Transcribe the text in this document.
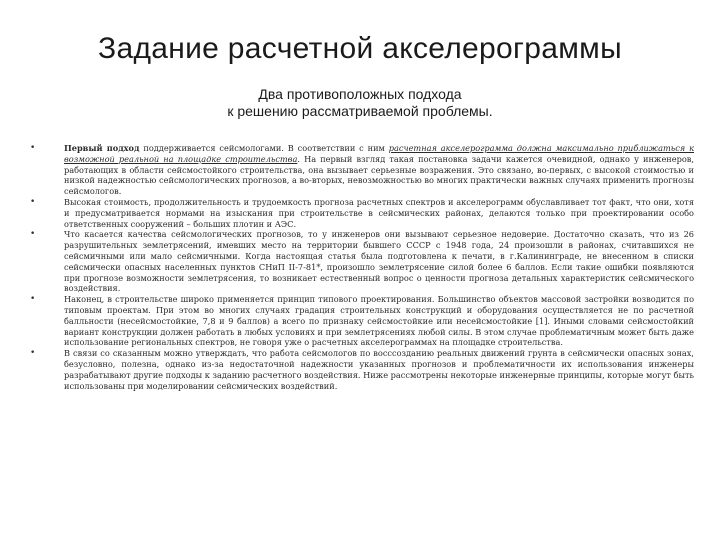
Задание расчетной акселерограммы
Два противоположных подхода
к решению рассматриваемой проблемы.
•	Первый подход поддерживается сейсмологами. В соответствии с ним расчетная акселерограмма должна максимально приближаться к возможной реальной на площадке строительства. На первый взгляд такая постановка задачи кажется очевидной, однако у инженеров, работающих в области сейсмостойкого строительства, она вызывает серьезные возражения. Это связано, во-первых, с высокой стоимостью и низкой надежностью сейсмологических прогнозов, а во-вторых, невозможностью во многих практически важных случаях применить прогнозы сейсмологов.
•	Высокая стоимость, продолжительность и трудоемкость прогноза расчетных спектров и акселерограмм обуславливает тот факт, что они, хотя и предусматривается нормами на изыскания при строительстве в сейсмических районах, делаются только при проектировании особо ответственных сооружений – больших плотин и АЭС.
•	Что касается качества сейсмологических прогнозов, то у инженеров они вызывают серьезное недоверие. Достаточно сказать, что из 26 разрушительных землетрясений, имевших место на территории бывшего СССР с 1948 года, 24 произошли в районах, считавшихся не сейсмичными или мало сейсмичными. Когда настоящая статья была подготовлена к печати, в г.Калининграде, не внесенном в списки сейсмически опасных населенных пунктов СНиП II-7-81*, произошло землетрясение силой более 6 баллов. Если такие ошибки появляются при прогнозе возможности землетрясения, то возникает естественный вопрос о ценности прогноза детальных характеристик сейсмического воздействия.
•	Наконец, в строительстве широко применяется принцип типового проектирования. Большинство объектов массовой застройки возводится по типовым проектам. При этом во многих случаях градация строительных конструкций и оборудования осуществляется не по расчетной балльности (несейсмостойкие, 7,8 и 9 баллов) а всего по признаку сейсмостойкие или несейсмостойкие [1]. Иными словами сейсмостойкий вариант конструкции должен работать в любых условиях и при землетрясениях любой силы. В этом случае проблематичным может быть даже использование региональных спектров, не говоря уже о расчетных акселерограммах на площадке строительства.
•	В связи со сказанным можно утверждать, что работа сейсмологов по восссозданию реальных движений грунта в сейсмически опасных зонах, безусловно, полезна, однако из-за недостаточной надежности указанных прогнозов и проблематичности их использования инженеры разрабатывают другие подходы к заданию расчетного воздействия. Ниже рассмотрены некоторые инженерные принципы, которые могут быть использованы при моделировании сейсмических воздействий.
